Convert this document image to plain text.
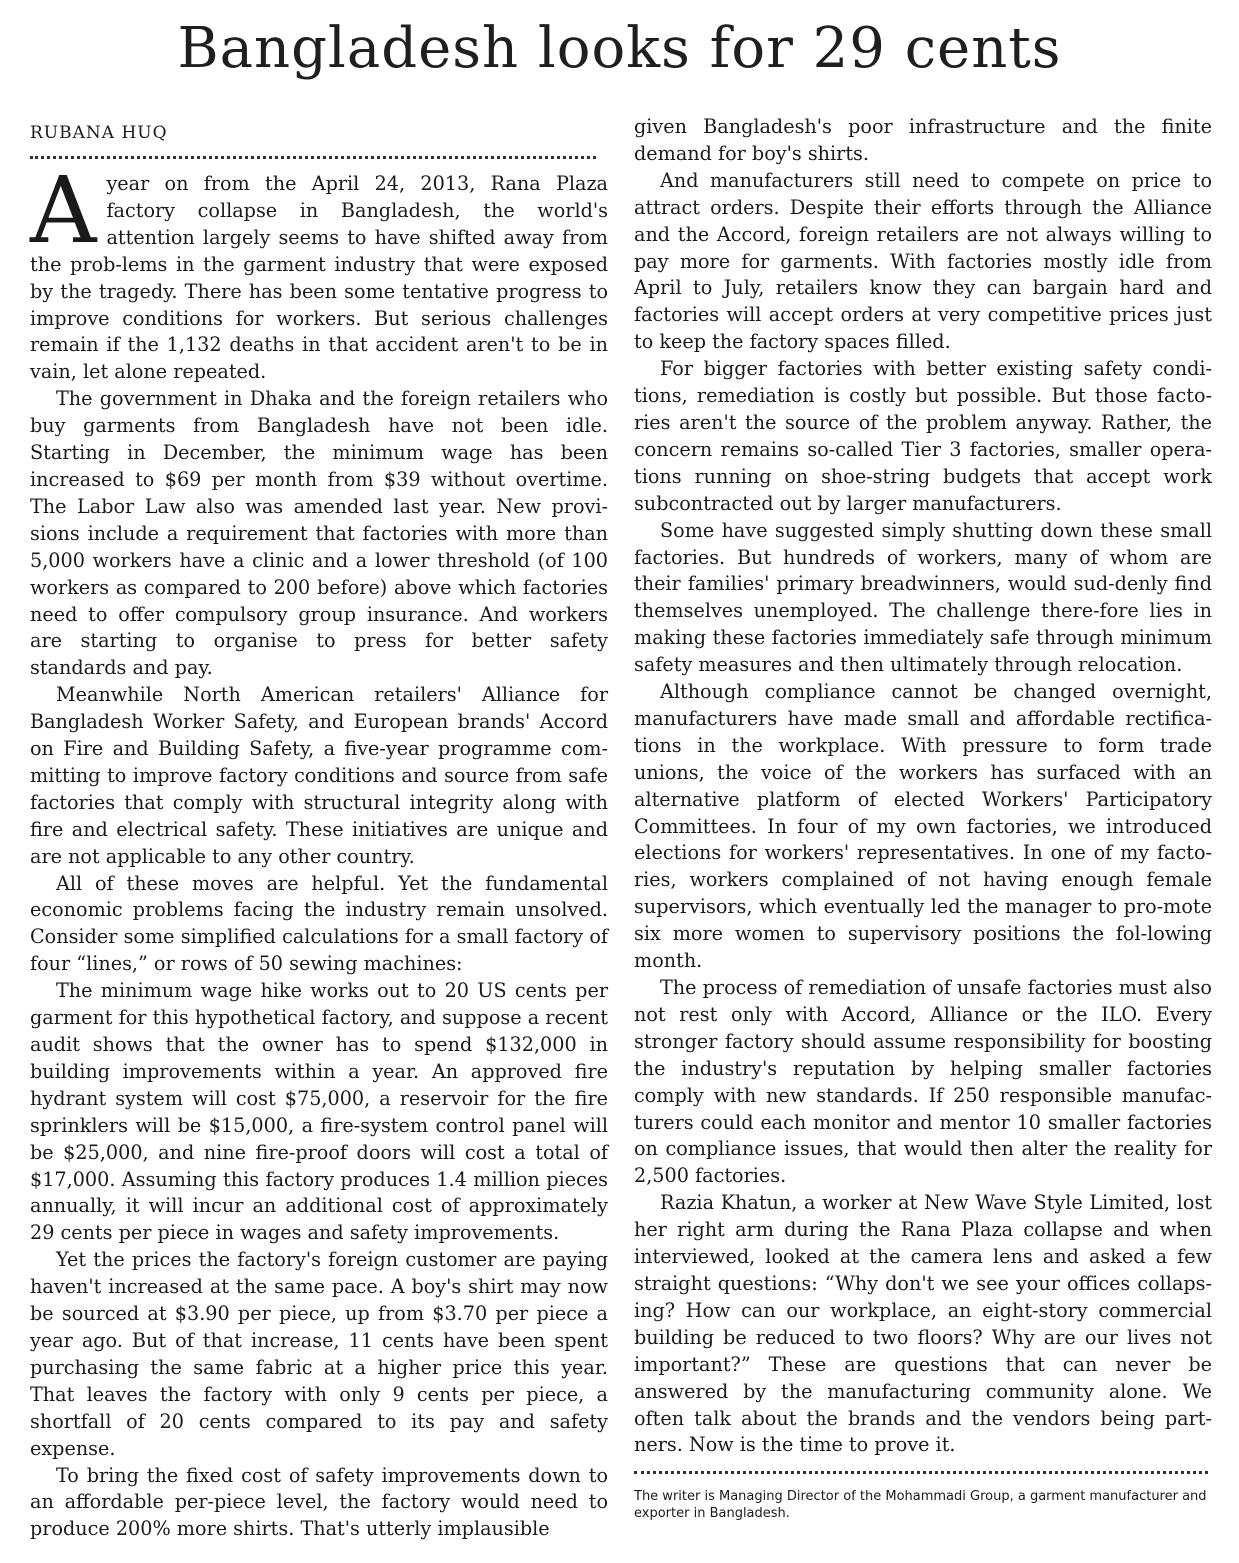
Bangladesh looks for 29 cents
RUBANA HUQ

Ayear on from the April 24, 2013, Rana Plaza factory collapse in Bangladesh, the world's attention largely seems to have shifted away from the prob-lems in the garment industry that were exposed by the tragedy. There has been some tentative progress to improve conditions for workers. But serious challenges remain if the 1,132 deaths in that accident aren't to be in vain, let alone repeated.

The government in Dhaka and the foreign retailers who buy garments from Bangladesh have not been idle. Starting in December, the minimum wage has been increased to $69 per month from $39 without overtime. The Labor Law also was amended last year. New provi-sions include a requirement that factories with more than 5,000 workers have a clinic and a lower threshold (of 100 workers as compared to 200 before) above which factories need to offer compulsory group insurance. And workers are starting to organise to press for better safety standards and pay.

Meanwhile North American retailers' Alliance for Bangladesh Worker Safety, and European brands' Accord on Fire and Building Safety, a five-year programme com-mitting to improve factory conditions and source from safe factories that comply with structural integrity along with fire and electrical safety. These initiatives are unique and are not applicable to any other country.

All of these moves are helpful. Yet the fundamental economic problems facing the industry remain unsolved. Consider some simplified calculations for a small factory of four “lines,” or rows of 50 sewing machines:

The minimum wage hike works out to 20 US cents per garment for this hypothetical factory, and suppose a recent audit shows that the owner has to spend $132,000 in building improvements within a year. An approved fire hydrant system will cost $75,000, a reservoir for the fire sprinklers will be $15,000, a fire-system control panel will be $25,000, and nine fire-proof doors will cost a total of $17,000. Assuming this factory produces 1.4 million pieces annually, it will incur an additional cost of approximately 29 cents per piece in wages and safety improvements.

Yet the prices the factory's foreign customer are paying haven't increased at the same pace. A boy's shirt may now be sourced at $3.90 per piece, up from $3.70 per piece a year ago. But of that increase, 11 cents have been spent purchasing the same fabric at a higher price this year. That leaves the factory with only 9 cents per piece, a shortfall of 20 cents compared to its pay and safety expense.

To bring the fixed cost of safety improvements down to an affordable per-piece level, the factory would need to produce 200% more shirts. That's utterly implausible

given Bangladesh's poor infrastructure and the finite demand for boy's shirts.

And manufacturers still need to compete on price to attract orders. Despite their efforts through the Alliance and the Accord, foreign retailers are not always willing to pay more for garments. With factories mostly idle from April to July, retailers know they can bargain hard and factories will accept orders at very competitive prices just to keep the factory spaces filled.

For bigger factories with better existing safety condi-tions, remediation is costly but possible. But those facto-ries aren't the source of the problem anyway. Rather, the concern remains so-called Tier 3 factories, smaller opera-tions running on shoe-string budgets that accept work subcontracted out by larger manufacturers.

Some have suggested simply shutting down these small factories. But hundreds of workers, many of whom are their families' primary breadwinners, would sud-denly find themselves unemployed. The challenge there-fore lies in making these factories immediately safe through minimum safety measures and then ultimately through relocation.

Although compliance cannot be changed overnight, manufacturers have made small and affordable rectifica-tions in the workplace. With pressure to form trade unions, the voice of the workers has surfaced with an alternative platform of elected Workers' Participatory Committees. In four of my own factories, we introduced elections for workers' representatives. In one of my facto-ries, workers complained of not having enough female supervisors, which eventually led the manager to pro-mote six more women to supervisory positions the fol-lowing month.

The process of remediation of unsafe factories must also not rest only with Accord, Alliance or the ILO. Every stronger factory should assume responsibility for boosting the industry's reputation by helping smaller factories comply with new standards. If 250 responsible manufac-turers could each monitor and mentor 10 smaller factories on compliance issues, that would then alter the reality for 2,500 factories.

Razia Khatun, a worker at New Wave Style Limited, lost her right arm during the Rana Plaza collapse and when interviewed, looked at the camera lens and asked a few straight questions: “Why don't we see your offices collaps-ing? How can our workplace, an eight-story commercial building be reduced to two floors? Why are our lives not important?” These are questions that can never be answered by the manufacturing community alone. We often talk about the brands and the vendors being part-ners. Now is the time to prove it.

The writer is Managing Director of the Mohammadi Group, a garment manufacturer and exporter in Bangladesh.
